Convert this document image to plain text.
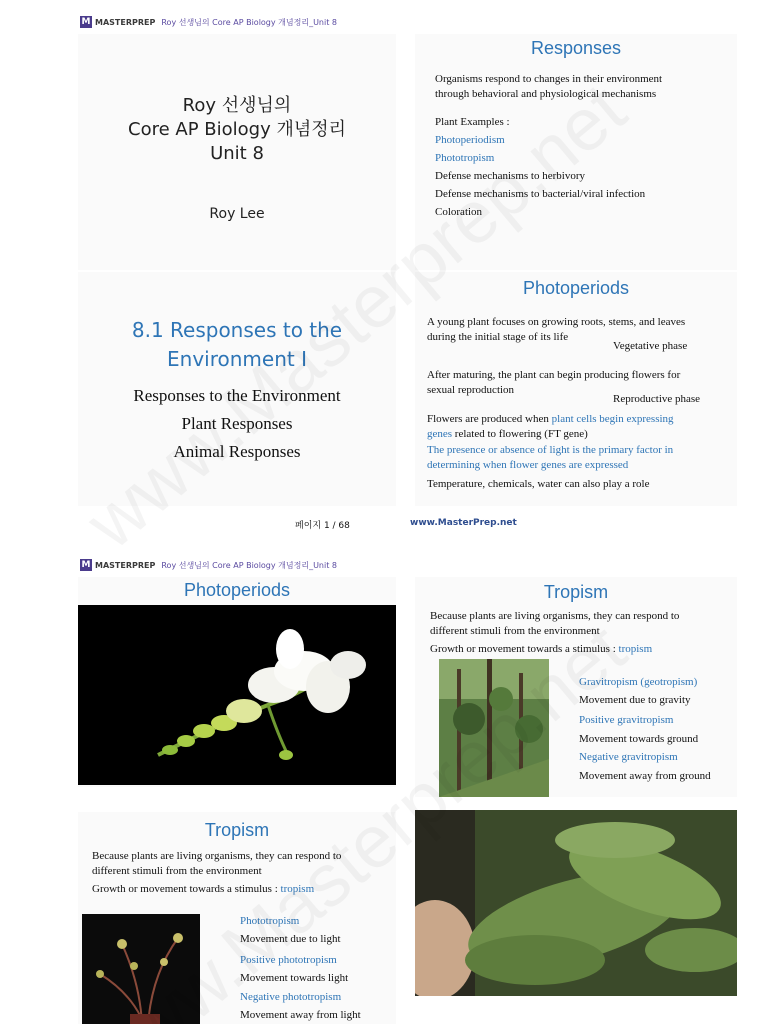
M MASTERPREP Roy 선생님의 Core AP Biology 개념정리_Unit 8
Roy 선생님의
Core AP Biology 개념정리
Unit 8
Roy Lee
Responses
Organisms respond to changes in their environment
through behavioral and physiological mechanisms
Plant Examples :
Photoperiodism
Phototropism
Defense mechanisms to herbivory
Defense mechanisms to bacterial/viral infection
Coloration
8.1 Responses to the
Environment I
Responses to the Environment
Plant Responses
Animal Responses
Photoperiods
A young plant focuses on growing roots, stems, and leaves
during the initial stage of its life
Vegetative phase
After maturing, the plant can begin producing flowers for
sexual reproduction
Reproductive phase
Flowers are produced when plant cells begin expressing
genes related to flowering (FT gene)
The presence or absence of light is the primary factor in
determining when flower genes are expressed
Temperature, chemicals, water can also play a role
페이지 1 / 68	www.MasterPrep.net
M MASTERPREP Roy 선생님의 Core AP Biology 개념정리_Unit 8
Photoperiods	Tropism
Because plants are living organisms, they can respond to
different stimuli from the environment
Growth or movement towards a stimulus : tropism
Gravitropism (geotropism)
Movement due to gravity
Positive gravitropism
Movement towards ground
Negative gravitropism
Movement away from ground
Tropism
Because plants are living organisms, they can respond to
different stimuli from the environment
Growth or movement towards a stimulus : tropism
Phototropism
Movement due to light
Positive phototropism
Movement towards light
Negative phototropism
Movement away from light
